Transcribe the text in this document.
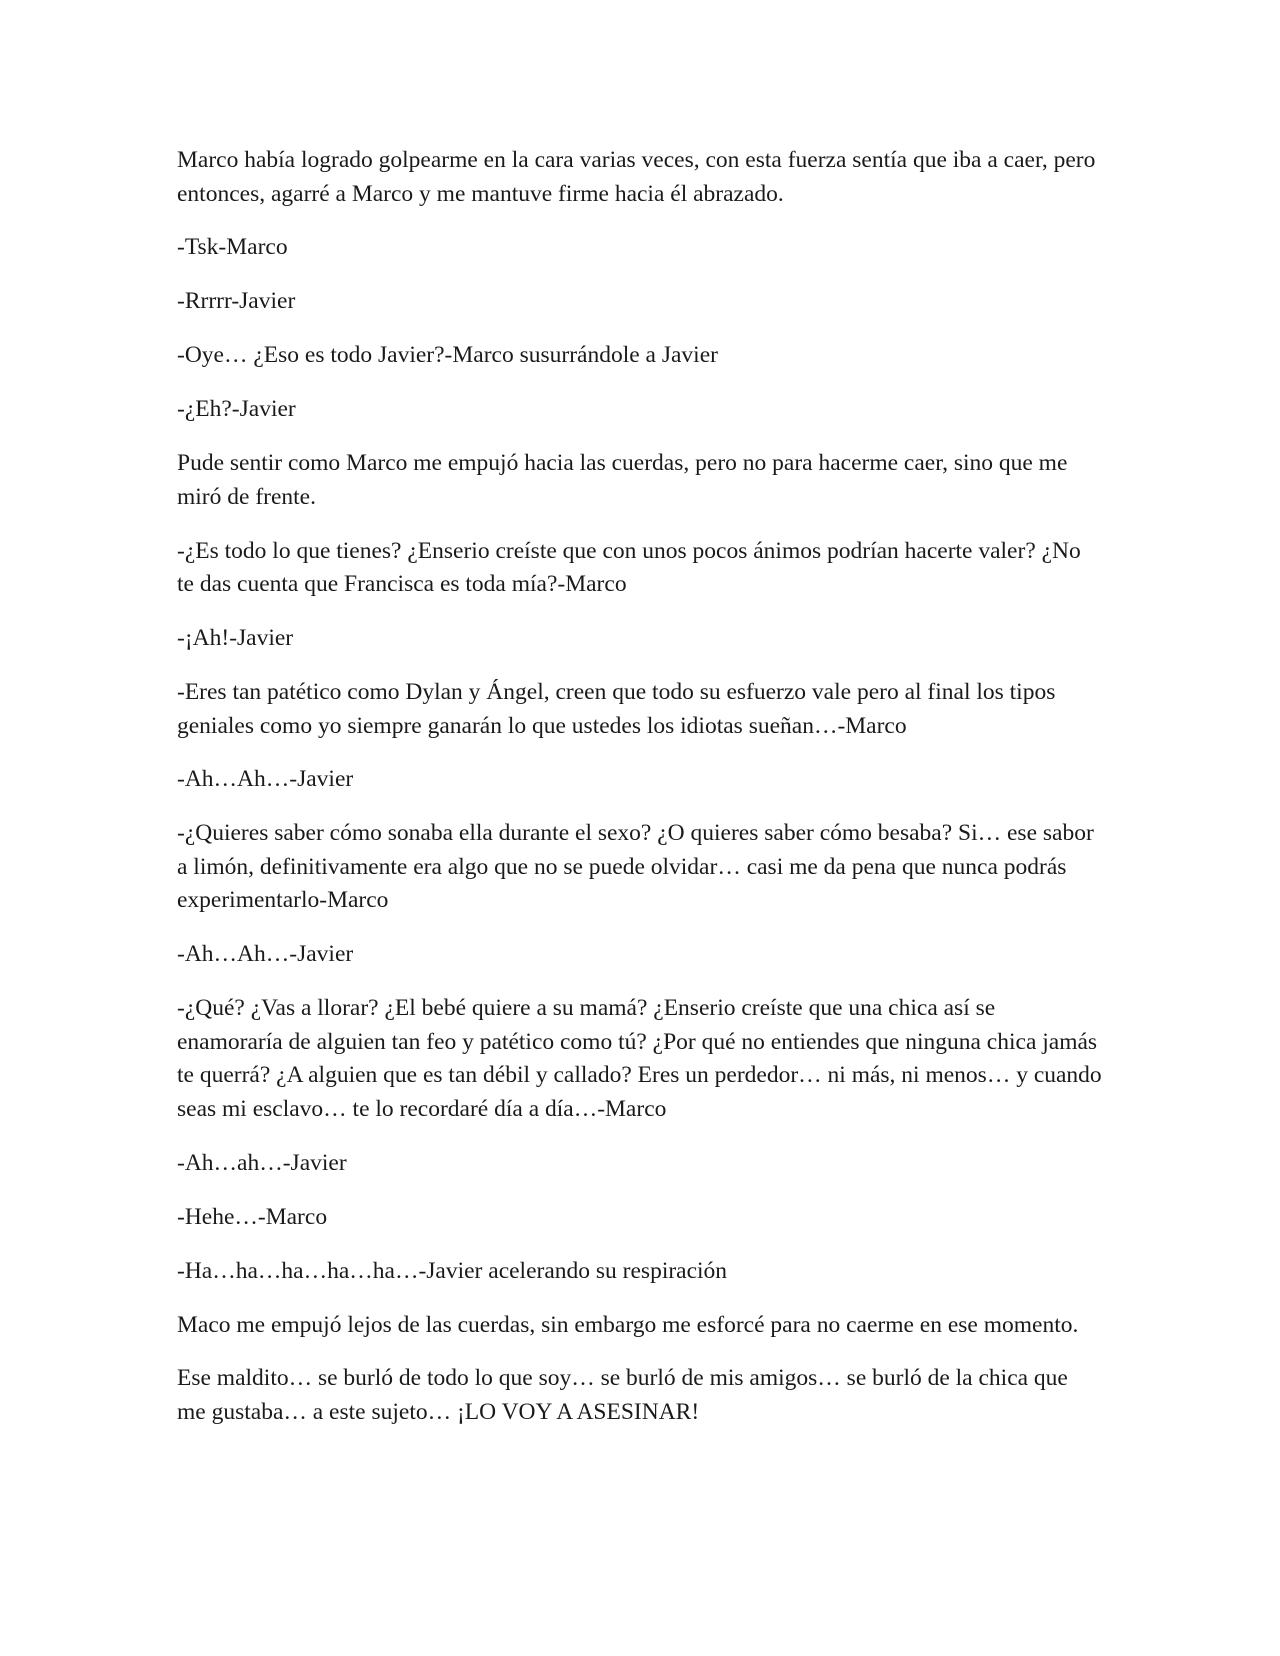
Marco había logrado golpearme en la cara varias veces, con esta fuerza sentía que iba a caer, pero entonces, agarré a Marco y me mantuve firme hacia él abrazado.

-Tsk-Marco

-Rrrrr-Javier

-Oye… ¿Eso es todo Javier?-Marco susurrándole a Javier

-¿Eh?-Javier

Pude sentir como Marco me empujó hacia las cuerdas, pero no para hacerme caer, sino que me miró de frente.

-¿Es todo lo que tienes? ¿Enserio creíste que con unos pocos ánimos podrían hacerte valer? ¿No te das cuenta que Francisca es toda mía?-Marco

-¡Ah!-Javier

-Eres tan patético como Dylan y Ángel, creen que todo su esfuerzo vale pero al final los tipos geniales como yo siempre ganarán lo que ustedes los idiotas sueñan…-Marco

-Ah…Ah…-Javier

-¿Quieres saber cómo sonaba ella durante el sexo? ¿O quieres saber cómo besaba? Si… ese sabor a limón, definitivamente era algo que no se puede olvidar… casi me da pena que nunca podrás experimentarlo-Marco

-Ah…Ah…-Javier

-¿Qué? ¿Vas a llorar? ¿El bebé quiere a su mamá? ¿Enserio creíste que una chica así se enamoraría de alguien tan feo y patético como tú? ¿Por qué no entiendes que ninguna chica jamás te querrá? ¿A alguien que es tan débil y callado? Eres un perdedor… ni más, ni menos… y cuando seas mi esclavo… te lo recordaré día a día…-Marco

-Ah…ah…-Javier

-Hehe…-Marco

-Ha…ha…ha…ha…ha…-Javier acelerando su respiración

Maco me empujó lejos de las cuerdas, sin embargo me esforcé para no caerme en ese momento.

Ese maldito… se burló de todo lo que soy… se burló de mis amigos… se burló de la chica que me gustaba… a este sujeto… ¡LO VOY A ASESINAR!
